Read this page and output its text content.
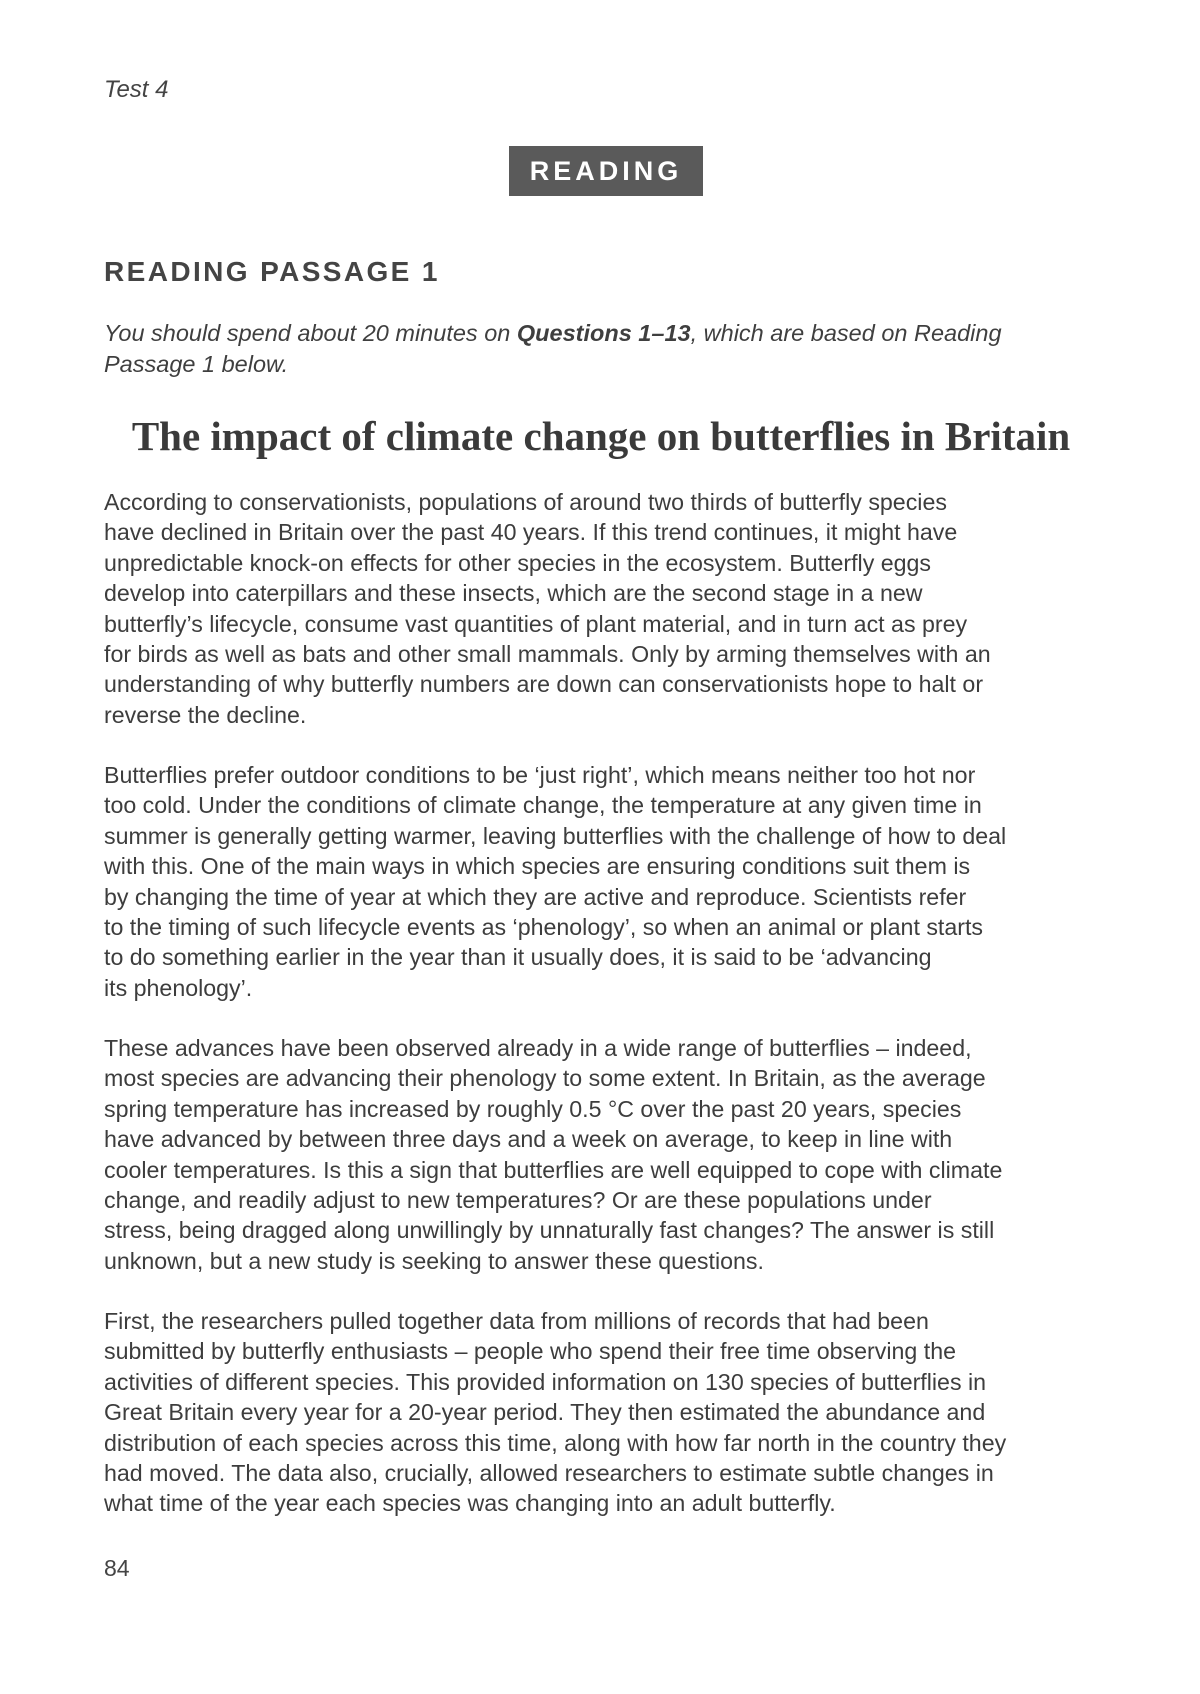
Test 4

READING
READING PASSAGE 1

You should spend about 20 minutes on Questions 1–13, which are based on Reading
Passage 1 below.

The impact of climate change on butterflies in Britain

According to conservationists, populations of around two thirds of butterfly species
have declined in Britain over the past 40 years. If this trend continues, it might have
unpredictable knock-on effects for other species in the ecosystem. Butterfly eggs
develop into caterpillars and these insects, which are the second stage in a new
butterfly’s lifecycle, consume vast quantities of plant material, and in turn act as prey
for birds as well as bats and other small mammals. Only by arming themselves with an
understanding of why butterfly numbers are down can conservationists hope to halt or
reverse the decline.

Butterflies prefer outdoor conditions to be ‘just right’, which means neither too hot nor
too cold. Under the conditions of climate change, the temperature at any given time in
summer is generally getting warmer, leaving butterflies with the challenge of how to deal
with this. One of the main ways in which species are ensuring conditions suit them is
by changing the time of year at which they are active and reproduce. Scientists refer
to the timing of such lifecycle events as ‘phenology’, so when an animal or plant starts
to do something earlier in the year than it usually does, it is said to be ‘advancing
its phenology’.

These advances have been observed already in a wide range of butterflies – indeed,
most species are advancing their phenology to some extent. In Britain, as the average
spring temperature has increased by roughly 0.5 °C over the past 20 years, species
have advanced by between three days and a week on average, to keep in line with
cooler temperatures. Is this a sign that butterflies are well equipped to cope with climate
change, and readily adjust to new temperatures? Or are these populations under
stress, being dragged along unwillingly by unnaturally fast changes? The answer is still
unknown, but a new study is seeking to answer these questions.

First, the researchers pulled together data from millions of records that had been
submitted by butterfly enthusiasts – people who spend their free time observing the
activities of different species. This provided information on 130 species of butterflies in
Great Britain every year for a 20-year period. They then estimated the abundance and
distribution of each species across this time, along with how far north in the country they
had moved. The data also, crucially, allowed researchers to estimate subtle changes in
what time of the year each species was changing into an adult butterfly.

84
